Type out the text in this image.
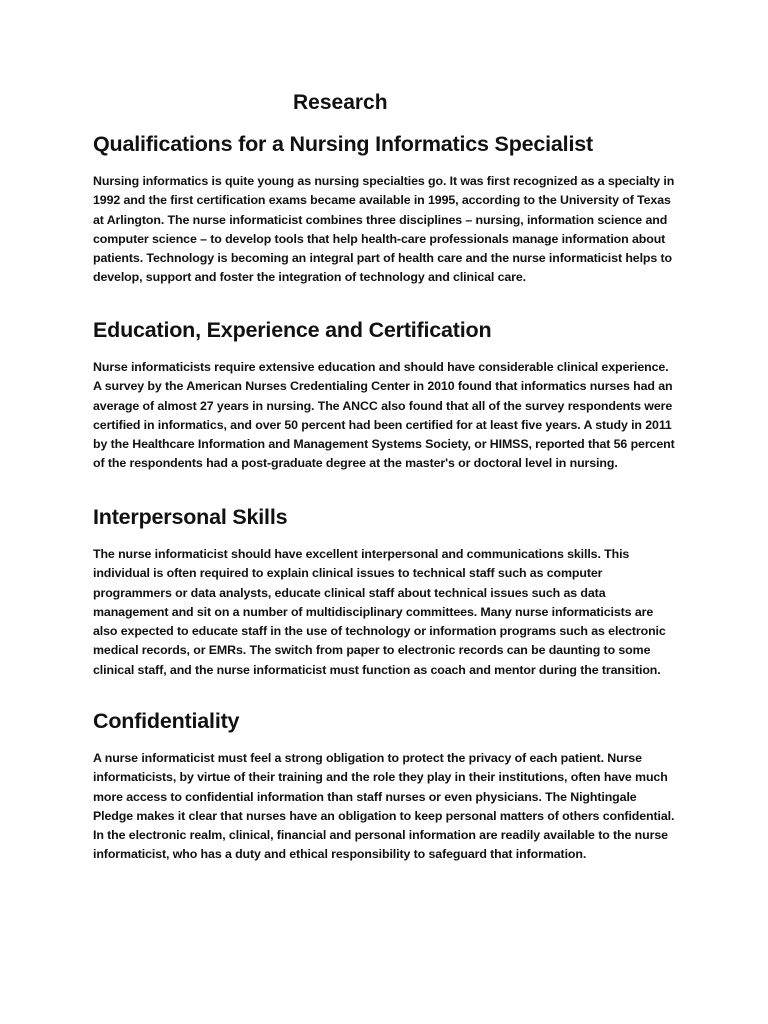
Research
Qualifications for a Nursing Informatics Specialist

Nursing informatics is quite young as nursing specialties go. It was first recognized as a specialty in 1992 and the first certification exams became available in 1995, according to the University of Texas at Arlington. The nurse informaticist combines three disciplines – nursing, information science and computer science – to develop tools that help health-care professionals manage information about patients. Technology is becoming an integral part of health care and the nurse informaticist helps to develop, support and foster the integration of technology and clinical care.

Education, Experience and Certification

Nurse informaticists require extensive education and should have considerable clinical experience. A survey by the American Nurses Credentialing Center in 2010 found that informatics nurses had an average of almost 27 years in nursing. The ANCC also found that all of the survey respondents were certified in informatics, and over 50 percent had been certified for at least five years. A study in 2011 by the Healthcare Information and Management Systems Society, or HIMSS, reported that 56 percent of the respondents had a post-graduate degree at the master's or doctoral level in nursing.

Interpersonal Skills

The nurse informaticist should have excellent interpersonal and communications skills. This individual is often required to explain clinical issues to technical staff such as computer programmers or data analysts, educate clinical staff about technical issues such as data management and sit on a number of multidisciplinary committees. Many nurse informaticists are also expected to educate staff in the use of technology or information programs such as electronic medical records, or EMRs. The switch from paper to electronic records can be daunting to some clinical staff, and the nurse informaticist must function as coach and mentor during the transition.

Confidentiality

A nurse informaticist must feel a strong obligation to protect the privacy of each patient. Nurse informaticists, by virtue of their training and the role they play in their institutions, often have much more access to confidential information than staff nurses or even physicians. The Nightingale Pledge makes it clear that nurses have an obligation to keep personal matters of others confidential. In the electronic realm, clinical, financial and personal information are readily available to the nurse informaticist, who has a duty and ethical responsibility to safeguard that information.
